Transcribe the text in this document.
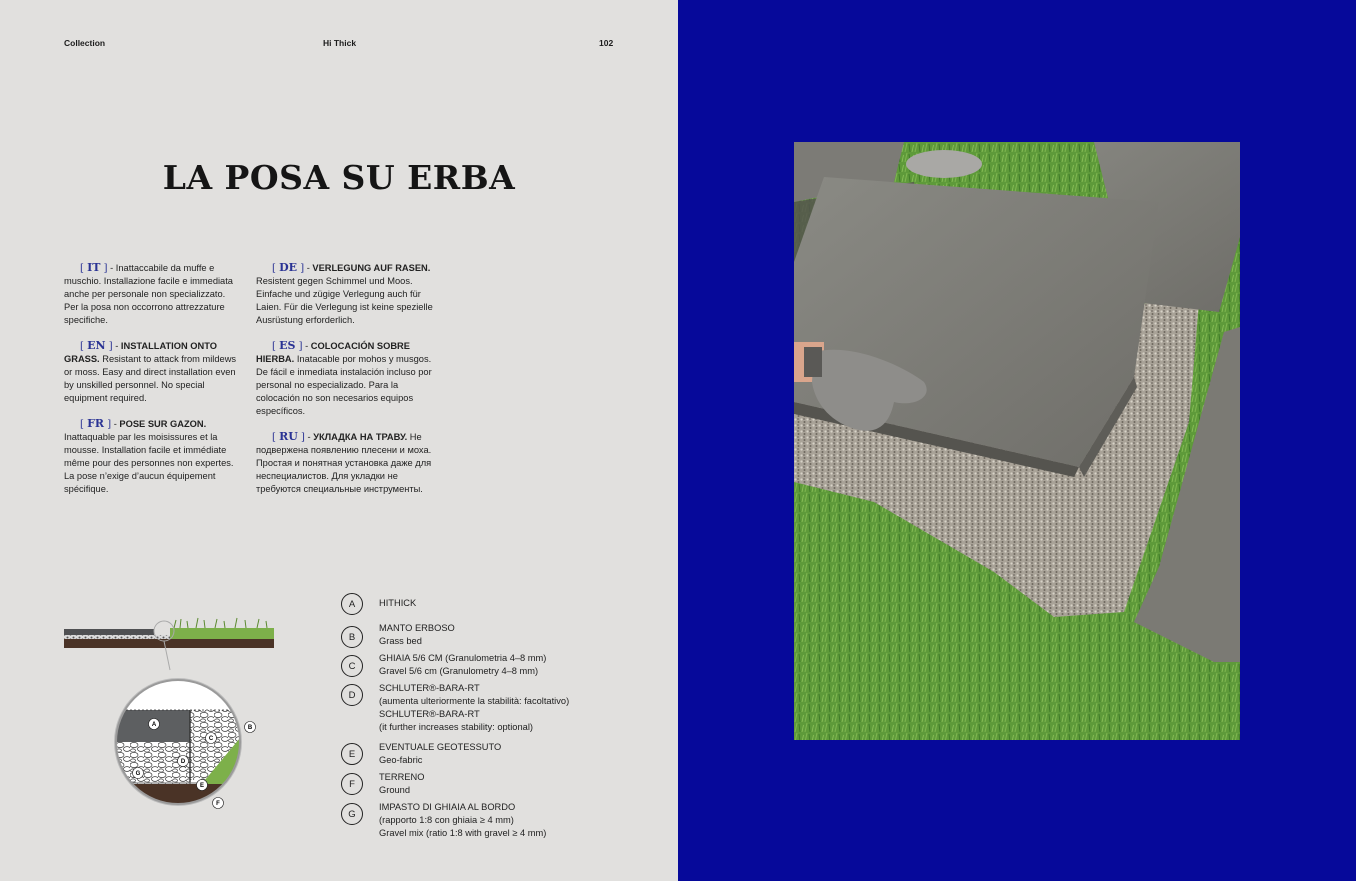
Collection	Hi Thick	102
LA POSA SU ERBA

[ IT ] - Inattaccabile da muffe e muschio. Installazione facile e immediata anche per personale non specializzato. Per la posa non occorrono attrezzature specifiche.

[ EN ] - INSTALLATION ONTO GRASS. Resistant to attack from mildews or moss. Easy and direct installation even by unskilled personnel. No special equipment required.

[ FR ] - POSE SUR GAZON. Inattaquable par les moisissures et la mousse. Installation facile et immédiate même pour des personnes non expertes. La pose n’exige d’aucun équipement spécifique.

[ DE ] - VERLEGUNG AUF RASEN. Resistent gegen Schimmel und Moos. Einfache und zügige Verlegung auch für Laien. Für die Verlegung ist keine spezielle Ausrüstung erforderlich.

[ ES ] - COLOCACIÓN SOBRE HIERBA. Inatacable por mohos y musgos. De fácil e inmediata instalación incluso por personal no especializado. Para la colocación no son necesarios equipos específicos.

[ RU ] - УКЛАДКА НА ТРАВУ. Не подвержена появлению плесени и моха. Простая и понятная установка даже для неспециалистов. Для укладки не требуются специальные инструменты.

A	B
C
D
E
F
G
A	HITHICK
B
MANTO ERBOSO
Grass bed
C
GHIAIA 5/6 CM (Granulometria 4–8 mm)
Gravel 5/6 cm (Granulometry 4–8 mm)
D
SCHLUTER®-BARA-RT
(aumenta ulteriormente la stabilità: facoltativo)
SCHLUTER®-BARA-RT
(it further increases stability: optional)
E
EVENTUALE GEOTESSUTO
Geo-fabric
F
TERRENO
Ground
G
IMPASTO DI GHIAIA AL BORDO
(rapporto 1:8 con ghiaia ≥ 4 mm)
Gravel mix (ratio 1:8 with gravel ≥ 4 mm)
